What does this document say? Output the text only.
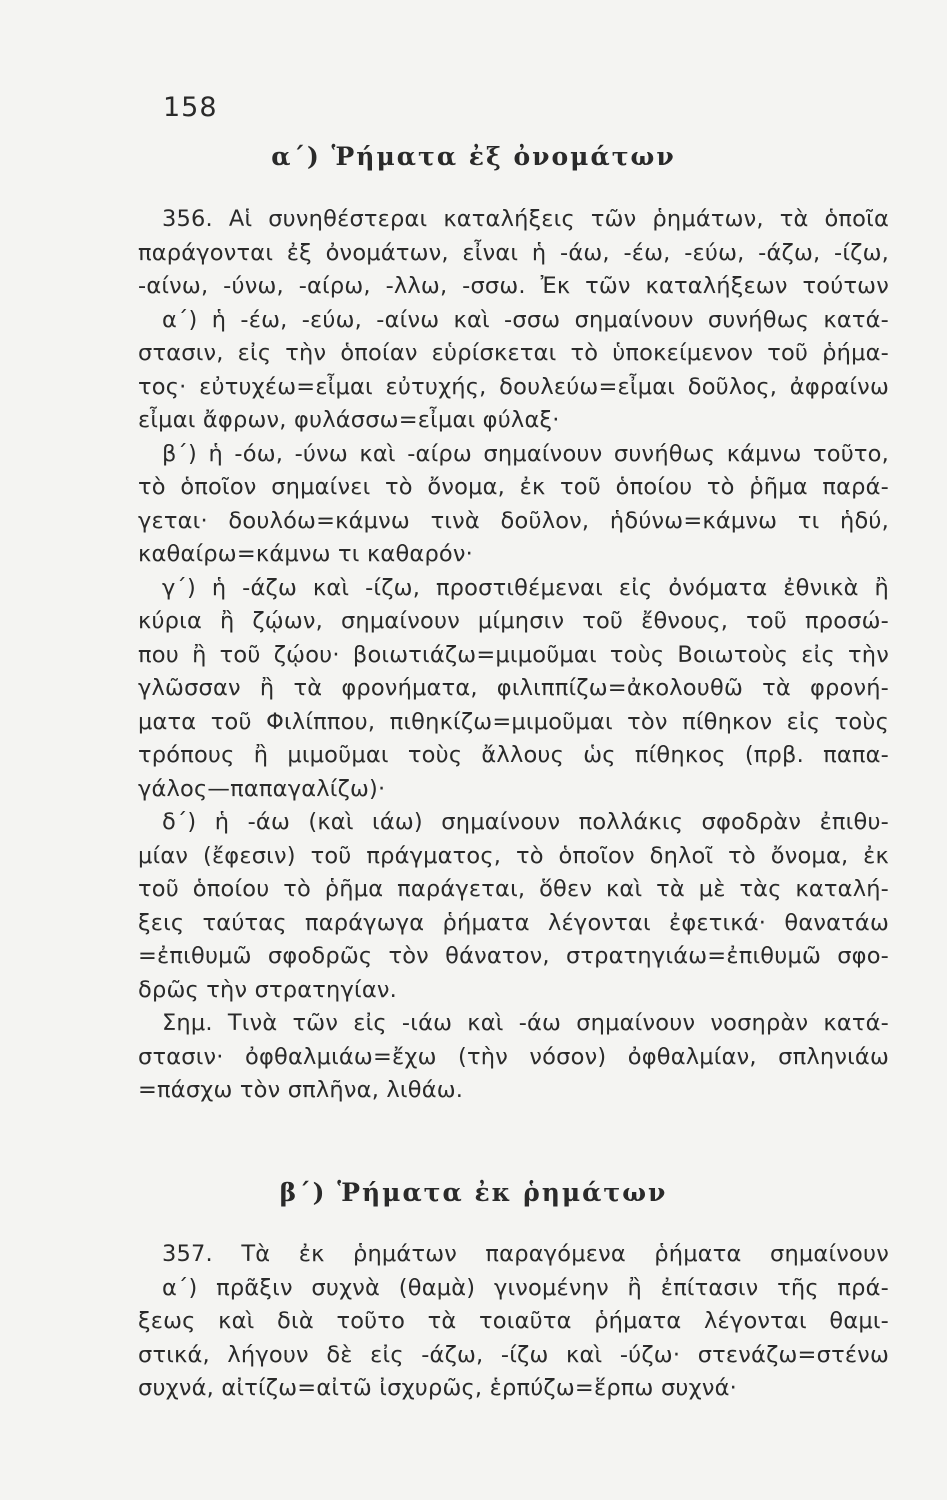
158
α΄) Ῥήματα ἐξ ὀνομάτων
356. Αἱ συνηθέστεραι καταλήξεις τῶν ῥημάτων, τὰ ὁποῖα
παράγονται ἐξ ὀνομάτων, εἶναι ἡ -άω, -έω, -εύω, -άζω, -ίζω,
-αίνω, -ύνω, -αίρω, -λλω, -σσω. Ἐκ τῶν καταλήξεων τούτων
α΄) ἡ -έω, -εύω, -αίνω καὶ -σσω σημαίνουν συνήθως κατά-
στασιν, εἰς τὴν ὁποίαν εὑρίσκεται τὸ ὑποκείμενον τοῦ ῥήμα-
τος· εὐτυχέω=εἶμαι εὐτυχής, δουλεύω=εἶμαι δοῦλος, ἀφραίνω
εἶμαι ἄφρων, φυλάσσω=εἶμαι φύλαξ·
β΄) ἡ -όω, -ύνω καὶ -αίρω σημαίνουν συνήθως κάμνω τοῦτο,
τὸ ὁποῖον σημαίνει τὸ ὄνομα, ἐκ τοῦ ὁποίου τὸ ῥῆμα παρά-
γεται· δουλόω=κάμνω τινὰ δοῦλον, ἡδύνω=κάμνω τι ἡδύ,
καθαίρω=κάμνω τι καθαρόν·
γ΄) ἡ -άζω καὶ -ίζω, προστιθέμεναι εἰς ὀνόματα ἐθνικὰ ἢ
κύρια ἢ ζῴων, σημαίνουν μίμησιν τοῦ ἔθνους, τοῦ προσώ-
που ἢ τοῦ ζῴου· βοιωτιάζω=μιμοῦμαι τοὺς Βοιωτοὺς εἰς τὴν
γλῶσσαν ἢ τὰ φρονήματα, φιλιππίζω=ἀκολουθῶ τὰ φρονή-
ματα τοῦ Φιλίππου, πιθηκίζω=μιμοῦμαι τὸν πίθηκον εἰς τοὺς
τρόπους ἢ μιμοῦμαι τοὺς ἄλλους ὡς πίθηκος (πρβ. παπα-
γάλος—παπαγαλίζω)·
δ΄) ἡ -άω (καὶ ιάω) σημαίνουν πολλάκις σφοδρὰν ἐπιθυ-
μίαν (ἔφεσιν) τοῦ πράγματος, τὸ ὁποῖον δηλοῖ τὸ ὄνομα, ἐκ
τοῦ ὁποίου τὸ ῥῆμα παράγεται, ὅθεν καὶ τὰ μὲ τὰς καταλή-
ξεις ταύτας παράγωγα ῥήματα λέγονται ἐφετικά· θανατάω
=ἐπιθυμῶ σφοδρῶς τὸν θάνατον, στρατηγιάω=ἐπιθυμῶ σφο-
δρῶς τὴν στρατηγίαν.
Σημ. Τινὰ τῶν εἰς -ιάω καὶ -άω σημαίνουν νοσηρὰν κατά-
στασιν· ὀφθαλμιάω=ἔχω (τὴν νόσον) ὀφθαλμίαν, σπληνιάω
=πάσχω τὸν σπλῆνα, λιθάω.
β΄) Ῥήματα ἐκ ῥημάτων
357. Τὰ ἐκ ῥημάτων παραγόμενα ῥήματα σημαίνουν
α΄) πρᾶξιν συχνὰ (θαμὰ) γινομένην ἢ ἐπίτασιν τῆς πρά-
ξεως καὶ διὰ τοῦτο τὰ τοιαῦτα ῥήματα λέγονται θαμι-
στικά, λήγουν δὲ εἰς -άζω, -ίζω καὶ -ύζω· στενάζω=στένω
συχνά, αἰτίζω=αἰτῶ ἰσχυρῶς, ἑρπύζω=ἕρπω συχνά·
